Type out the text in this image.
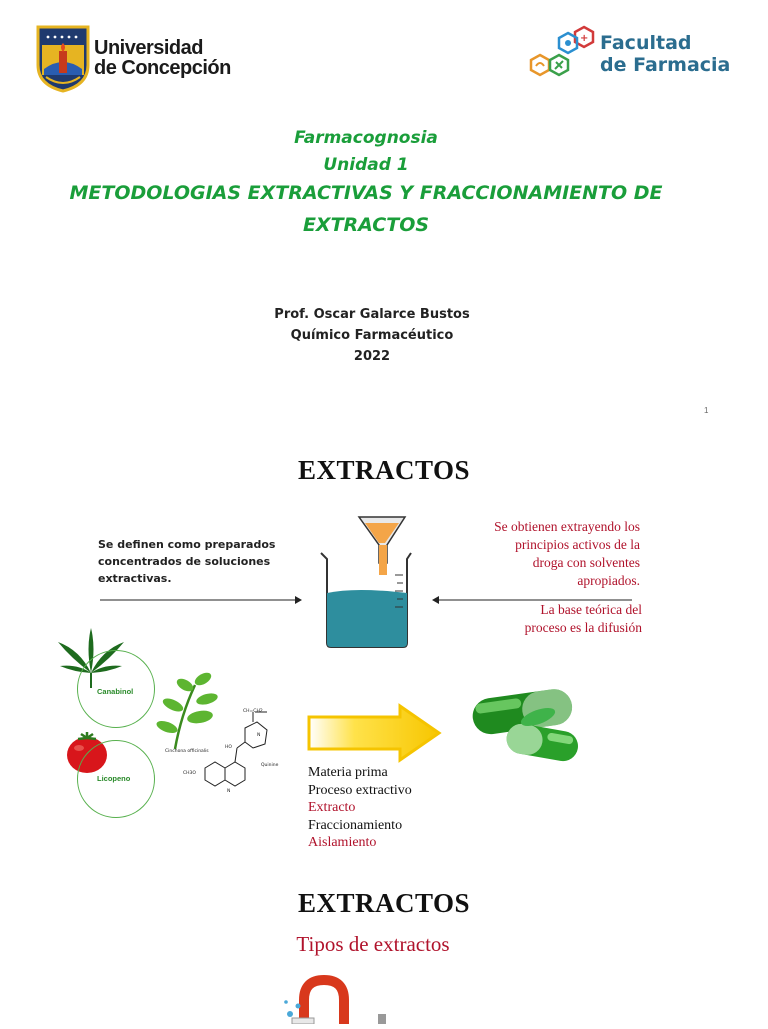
Universidad
de Concepción
+ Facultad
de Farmacia
Farmacognosia
Unidad 1
METODOLOGIAS EXTRACTIVAS Y FRACCIONAMIENTO DE
EXTRACTOS
Prof. Oscar Galarce Bustos
Químico Farmacéutico
2022
1
EXTRACTOS
Se definen como preparados
concentrados de soluciones
extractivas.
Se obtienen extrayendo los
principios activos de la
droga con solventes
apropiados.
La base teórica del
proceso es la difusión
Canabinol
Licopeno
Cinchona officinalis
Quinine
CH3O
N
HO
N
CH=CH2
Materia prima
Proceso extractivo
Extracto
Fraccionamiento
Aislamiento
EXTRACTOS
Tipos de extractos
